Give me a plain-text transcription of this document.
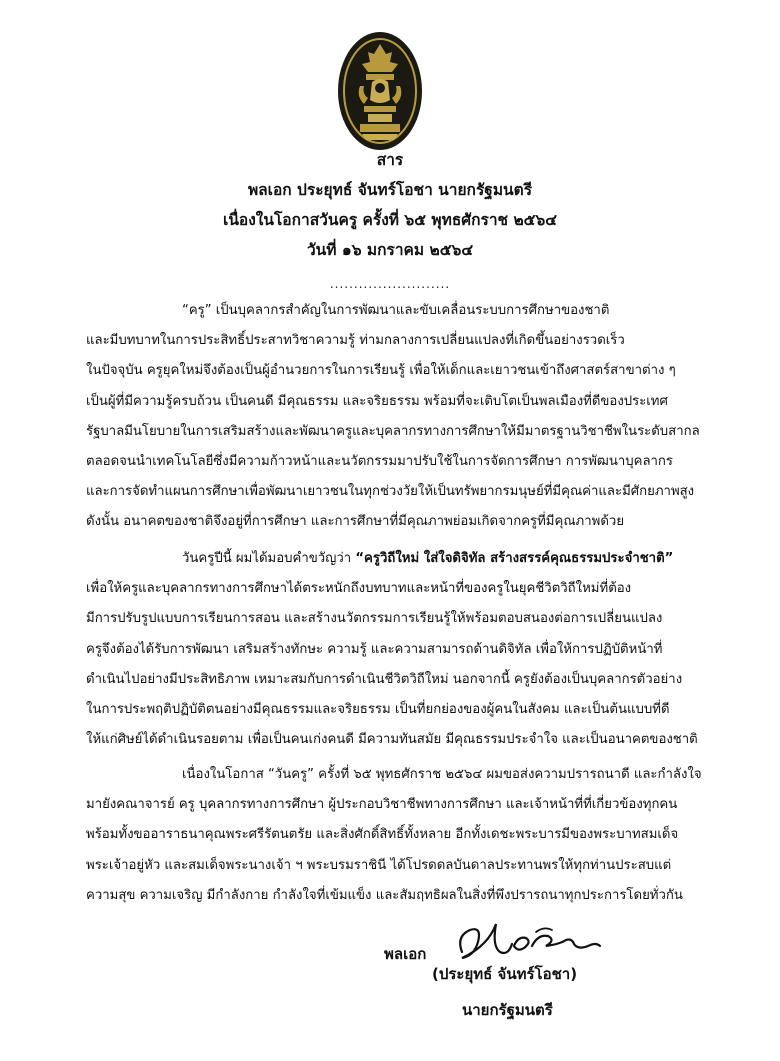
สาร
พลเอก ประยุทธ์ จันทร์โอชา นายกรัฐมนตรี
เนื่องในโอกาสวันครู ครั้งที่ ๖๕ พุทธศักราช ๒๕๖๔
วันที่ ๑๖ มกราคม ๒๕๖๔
.........................
“ครู” เป็นบุคลากรสำคัญในการพัฒนาและขับเคลื่อนระบบการศึกษาของชาติ
และมีบทบาทในการประสิทธิ์ประสาทวิชาความรู้ ท่ามกลางการเปลี่ยนแปลงที่เกิดขึ้นอย่างรวดเร็ว
ในปัจจุบัน ครูยุคใหม่จึงต้องเป็นผู้อำนวยการในการเรียนรู้ เพื่อให้เด็กและเยาวชนเข้าถึงศาสตร์สาขาต่าง ๆ
เป็นผู้ที่มีความรู้ครบถ้วน เป็นคนดี มีคุณธรรม และจริยธรรม พร้อมที่จะเติบโตเป็นพลเมืองที่ดีของประเทศ
รัฐบาลมีนโยบายในการเสริมสร้างและพัฒนาครูและบุคลากรทางการศึกษาให้มีมาตรฐานวิชาชีพในระดับสากล
ตลอดจนนำเทคโนโลยีซึ่งมีความก้าวหน้าและนวัตกรรมมาปรับใช้ในการจัดการศึกษา การพัฒนาบุคลากร
และการจัดทำแผนการศึกษาเพื่อพัฒนาเยาวชนในทุกช่วงวัยให้เป็นทรัพยากรมนุษย์ที่มีคุณค่าและมีศักยภาพสูง
ดังนั้น อนาคตของชาติจึงอยู่ที่การศึกษา และการศึกษาที่มีคุณภาพย่อมเกิดจากครูที่มีคุณภาพด้วย
วันครูปีนี้ ผมได้มอบคำขวัญว่า “ครูวิถีใหม่ ใส่ใจดิจิทัล สร้างสรรค์คุณธรรมประจำชาติ”
เพื่อให้ครูและบุคลากรทางการศึกษาได้ตระหนักถึงบทบาทและหน้าที่ของครูในยุคชีวิตวิถีใหม่ที่ต้อง
มีการปรับรูปแบบการเรียนการสอน และสร้างนวัตกรรมการเรียนรู้ให้พร้อมตอบสนองต่อการเปลี่ยนแปลง
ครูจึงต้องได้รับการพัฒนา เสริมสร้างทักษะ ความรู้ และความสามารถด้านดิจิทัล เพื่อให้การปฏิบัติหน้าที่
ดำเนินไปอย่างมีประสิทธิภาพ เหมาะสมกับการดำเนินชีวิตวิถีใหม่ นอกจากนี้ ครูยังต้องเป็นบุคลากรตัวอย่าง
ในการประพฤติปฏิบัติตนอย่างมีคุณธรรมและจริยธรรม เป็นที่ยกย่องของผู้คนในสังคม และเป็นต้นแบบที่ดี
ให้แก่ศิษย์ได้ดำเนินรอยตาม เพื่อเป็นคนเก่งคนดี มีความทันสมัย มีคุณธรรมประจำใจ และเป็นอนาคตของชาติ
เนื่องในโอกาส “วันครู” ครั้งที่ ๖๕ พุทธศักราช ๒๕๖๔ ผมขอส่งความปรารถนาดี และกำลังใจ
มายังคณาจารย์ ครู บุคลากรทางการศึกษา ผู้ประกอบวิชาชีพทางการศึกษา และเจ้าหน้าที่ที่เกี่ยวข้องทุกคน
พร้อมทั้งขออาราธนาคุณพระศรีรัตนตรัย และสิ่งศักดิ์สิทธิ์ทั้งหลาย อีกทั้งเดชะพระบารมีของพระบาทสมเด็จ
พระเจ้าอยู่หัว และสมเด็จพระนางเจ้า ฯ พระบรมราชินี ได้โปรดดลบันดาลประทานพรให้ทุกท่านประสบแต่
ความสุข ความเจริญ มีกำลังกาย กำลังใจที่เข้มแข็ง และสัมฤทธิผลในสิ่งที่พึงปรารถนาทุกประการโดยทั่วกัน
พลเอก
(ประยุทธ์ จันทร์โอชา)
นายกรัฐมนตรี
